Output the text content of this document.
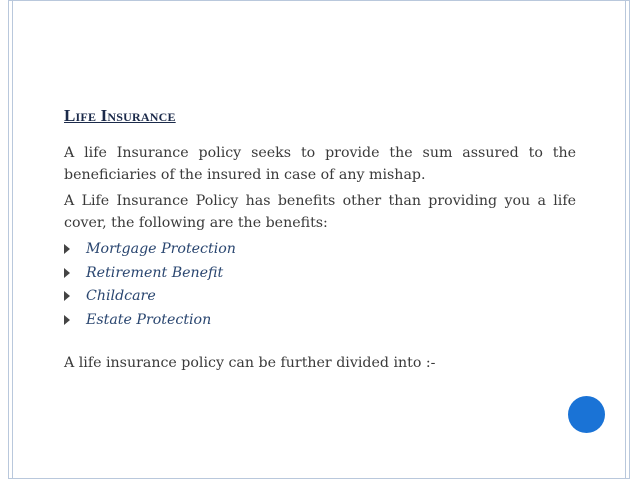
Life Insurance

A life Insurance policy seeks to provide the sum assured to the beneficiaries of the insured in case of any mishap.

A Life Insurance Policy has benefits other than providing you a life cover, the following are the benefits:

Mortgage Protection
Retirement Benefit
Childcare
Estate Protection

A life insurance policy can be further divided into :-
